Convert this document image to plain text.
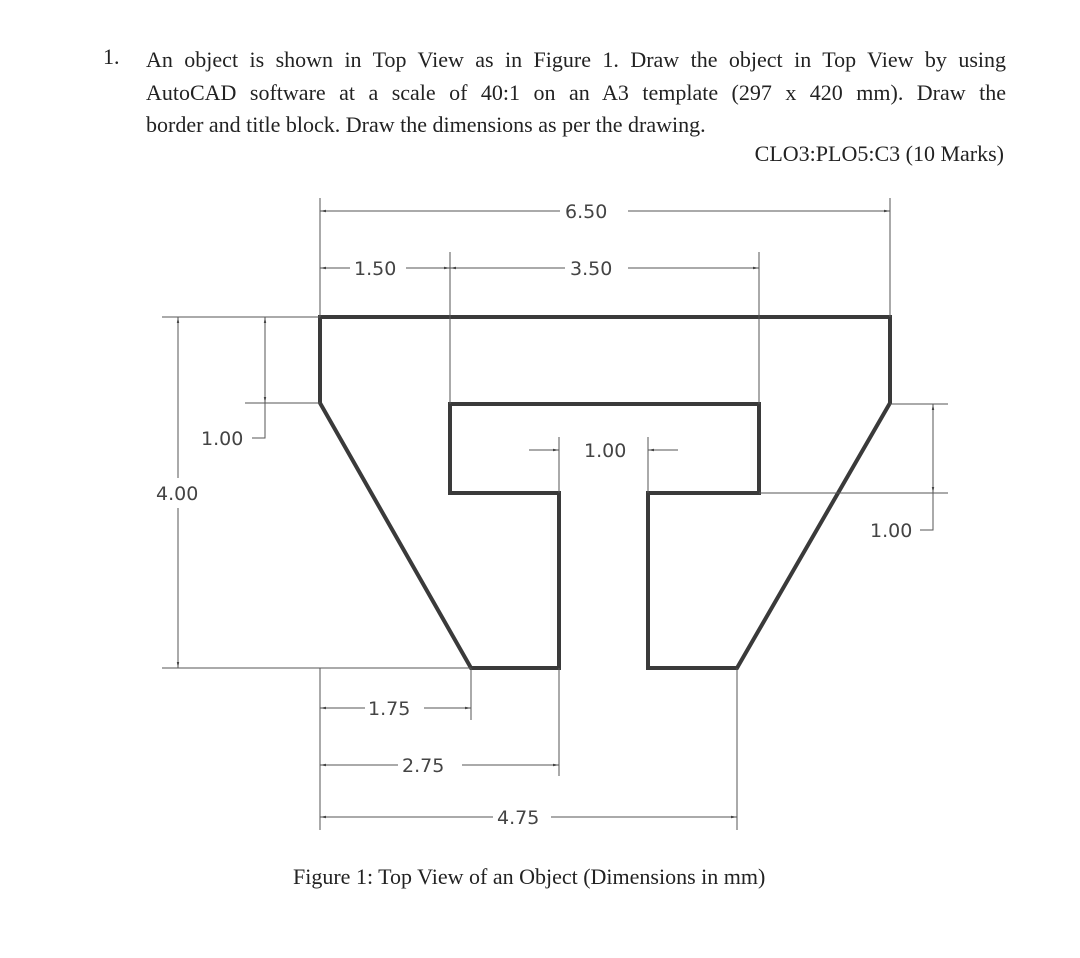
1. An object is shown in Top View as in Figure 1. Draw the object in Top View by using
AutoCAD software at a scale of 40:1 on an A3 template (297 x 420 mm). Draw the
border and title block. Draw the dimensions as per the drawing.
CLO3:PLO5:C3 (10 Marks)
6.50
1.50	3.50
4.00
1.00
1.00
1.00
1.75
2.75
4.75
Figure 1: Top View of an Object (Dimensions in mm)
